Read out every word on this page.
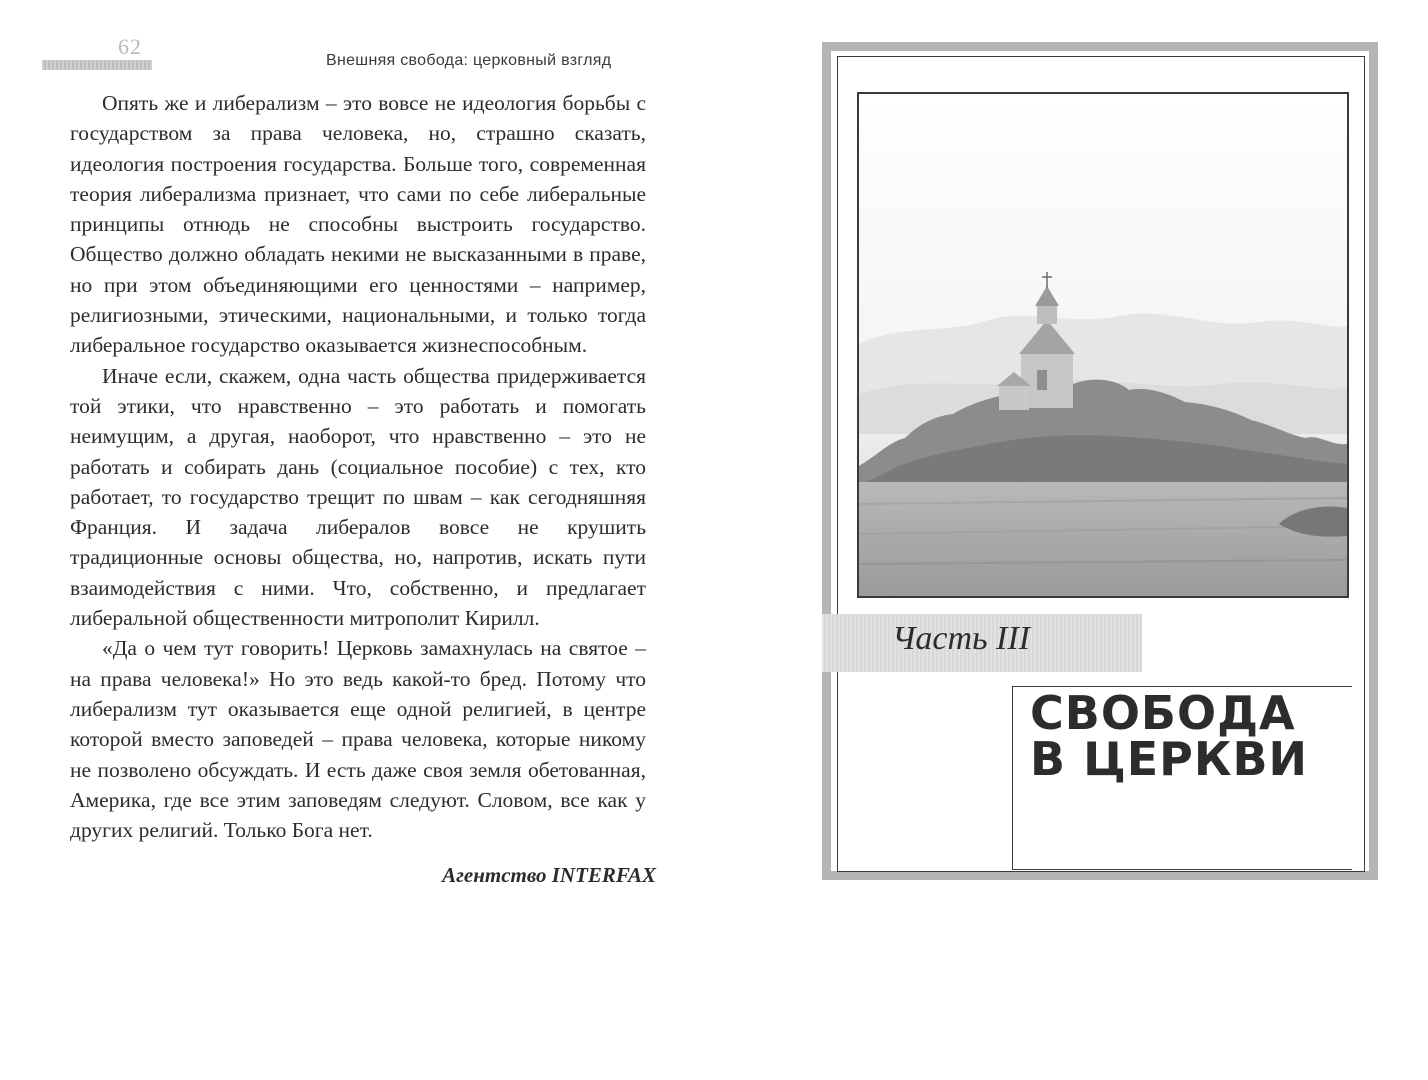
62
Внешняя свобода: церковный взгляд

Опять же и либерализм – это вовсе не идеология борьбы с государством за права человека, но, страшно сказать, идеология построения государства. Больше того, современная теория либерализма признает, что сами по себе либеральные принципы отнюдь не способны выстроить государство. Общество должно обладать некими не высказанными в праве, но при этом объединяющими его ценностями – например, религиозными, этическими, национальными, и только тогда либеральное государство оказывается жизнеспособным.

Иначе если, скажем, одна часть общества придерживается той этики, что нравственно – это работать и помогать неимущим, а другая, наоборот, что нравственно – это не работать и собирать дань (социальное пособие) с тех, кто работает, то государство трещит по швам – как сегодняшняя Франция. И задача либералов вовсе не крушить традиционные основы общества, но, напротив, искать пути взаимодействия с ними. Что, собственно, и предлагает либеральной общественности митрополит Кирилл.

«Да о чем тут говорить! Церковь замахнулась на святое – на права человека!» Но это ведь какой-то бред. Потому что либерализм тут оказывается еще одной религией, в центре которой вместо заповедей – права человека, которые никому не позволено обсуждать. И есть даже своя земля обетованная, Америка, где все этим заповедям следуют. Словом, все как у других религий. Только Бога нет.

Агентство INTERFAX
Часть III
СВОБОДА
В ЦЕРКВИ
